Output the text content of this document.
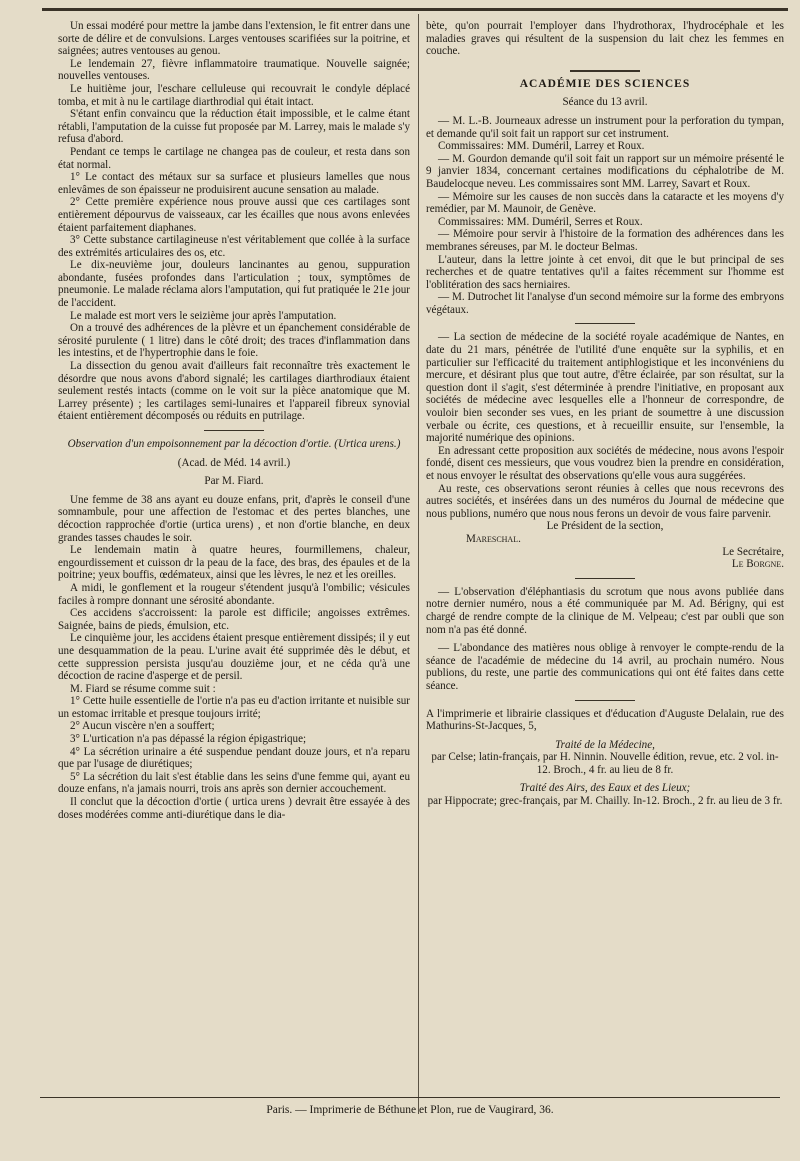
Un essai modéré pour mettre la jambe dans l'extension, le fit entrer dans une sorte de délire et de convulsions. Larges ventouses scarifiées sur la poitrine, et saignées; autres ventouses au genou.

Le lendemain 27, fièvre inflammatoire traumatique. Nouvelle saignée; nouvelles ventouses.

Le huitième jour, l'eschare celluleuse qui recouvrait le condyle déplacé tomba, et mit à nu le cartilage diarthrodial qui était intact.

S'étant enfin convaincu que la réduction était impossible, et le calme étant rétabli, l'amputation de la cuisse fut proposée par M. Larrey, mais le malade s'y refusa d'abord.

Pendant ce temps le cartilage ne changea pas de couleur, et resta dans son état normal.

1° Le contact des métaux sur sa surface et plusieurs lamelles que nous enlevâmes de son épaisseur ne produisirent aucune sensation au malade.

2° Cette première expérience nous prouve aussi que ces cartilages sont entièrement dépourvus de vaisseaux, car les écailles que nous avons enlevées étaient parfaitement diaphanes.

3° Cette substance cartilagineuse n'est véritablement que collée à la surface des extrémités articulaires des os, etc.

Le dix-neuvième jour, douleurs lancinantes au genou, suppuration abondante, fusées profondes dans l'articulation ; toux, symptômes de pneumonie. Le malade réclama alors l'amputation, qui fut pratiquée le 21e jour de l'accident.

Le malade est mort vers le seizième jour après l'amputation.

On a trouvé des adhérences de la plèvre et un épanchement considérable de sérosité purulente ( 1 litre) dans le côté droit; des traces d'inflammation dans les intestins, et de l'hypertrophie dans le foie.

La dissection du genou avait d'ailleurs fait reconnaître très exactement le désordre que nous avons d'abord signalé; les cartilages diarthrodiaux étaient seulement restés intacts (comme on le voit sur la pièce anatomique que M. Larrey présente) ; les cartilages semi-lunaires et l'appareil fibreux synovial étaient entièrement décomposés ou réduits en putrilage.

Observation d'un empoisonnement par la décoction d'ortie. (Urtica urens.)

(Acad. de Méd. 14 avril.)

Par M. Fiard.

Une femme de 38 ans ayant eu douze enfans, prit, d'après le conseil d'une somnambule, pour une affection de l'estomac et des pertes blanches, une décoction rapprochée d'ortie (urtica urens) , et non d'ortie blanche, en deux grandes tasses chaudes le soir.

Le lendemain matin à quatre heures, fourmillemens, chaleur, engourdissement et cuisson dr la peau de la face, des bras, des épaules et de la poitrine; yeux bouffis, œdémateux, ainsi que les lèvres, le nez et les oreilles.

A midi, le gonflement et la rougeur s'étendent jusqu'à l'ombilic; vésicules faciles à rompre donnant une sérosité abondante.

Ces accidens s'accroissent: la parole est difficile; angoisses extrêmes. Saignée, bains de pieds, émulsion, etc.

Le cinquième jour, les accidens étaient presque entièrement dissipés; il y eut une desquammation de la peau. L'urine avait été supprimée dès le début, et cette suppression persista jusqu'au douzième jour, et ne céda qu'à une décoction de racine d'asperge et de persil.

M. Fiard se résume comme suit :

1° Cette huile essentielle de l'ortie n'a pas eu d'action irritante et nuisible sur un estomac irritable et presque toujours irrité;

2° Aucun viscère n'en a souffert;

3° L'urtication n'a pas dépassé la région épigastrique;

4° La sécrétion urinaire a été suspendue pendant douze jours, et n'a reparu que par l'usage de diurétiques;

5° La sécrétion du lait s'est établie dans les seins d'une femme qui, ayant eu douze enfans, n'a jamais nourri, trois ans après son dernier accouchement.

Il conclut que la décoction d'ortie ( urtica urens ) devrait être essayée à des doses modérées comme anti-diurétique dans le dia-

bète, qu'on pourrait l'employer dans l'hydrothorax, l'hydrocéphale et les maladies graves qui résultent de la suspension du lait chez les femmes en couche.

ACADÉMIE DES SCIENCES

Séance du 13 avril.

— M. L.-B. Journeaux adresse un instrument pour la perforation du tympan, et demande qu'il soit fait un rapport sur cet instrument.

Commissaires: MM. Duméril, Larrey et Roux.

— M. Gourdon demande qu'il soit fait un rapport sur un mémoire présenté le 9 janvier 1834, concernant certaines modifications du céphalotribe de M. Baudelocque neveu. Les commissaires sont MM. Larrey, Savart et Roux.

— Mémoire sur les causes de non succès dans la cataracte et les moyens d'y remédier, par M. Maunoir, de Genève.

Commissaires: MM. Duméril, Serres et Roux.

— Mémoire pour servir à l'histoire de la formation des adhérences dans les membranes séreuses, par M. le docteur Belmas.

L'auteur, dans la lettre jointe à cet envoi, dit que le but principal de ses recherches et de quatre tentatives qu'il a faites récemment sur l'homme est l'oblitération des sacs herniaires.

— M. Dutrochet lit l'analyse d'un second mémoire sur la forme des embryons végétaux.

— La section de médecine de la société royale académique de Nantes, en date du 21 mars, pénétrée de l'utilité d'une enquête sur la syphilis, et en particulier sur l'efficacité du traitement antiphlogistique et les inconvéniens du mercure, et désirant plus que tout autre, d'être éclairée, par son résultat, sur la question dont il s'agit, s'est déterminée à prendre l'initiative, en proposant aux sociétés de médecine avec lesquelles elle a l'honneur de correspondre, de vouloir bien seconder ses vues, en les priant de soumettre à une discussion verbale ou écrite, ces questions, et à recueillir ensuite, sur l'ensemble, la majorité numérique des opinions.

En adressant cette proposition aux sociétés de médecine, nous avons l'espoir fondé, disent ces messieurs, que vous voudrez bien la prendre en considération, et nous envoyer le résultat des observations qu'elle vous aura suggérées.

Au reste, ces observations seront réunies à celles que nous recevrons des autres sociétés, et insérées dans un des numéros du Journal de médecine que nous publions, numéro que nous nous ferons un devoir de vous faire parvenir.

Le Président de la section,

Mareschal.

Le Secrétaire,

Le Borgne.

— L'observation d'éléphantiasis du scrotum que nous avons publiée dans notre dernier numéro, nous a été communiquée par M. Ad. Bérigny, qui est chargé de rendre compte de la clinique de M. Velpeau; c'est par oubli que son nom n'a pas été donné.

— L'abondance des matières nous oblige à renvoyer le compte-rendu de la séance de l'académie de médecine du 14 avril, au prochain numéro. Nous publions, du reste, une partie des communications qui ont été faites dans cette séance.

A l'imprimerie et librairie classiques et d'éducation d'Auguste Delalain, rue des Mathurins-St-Jacques, 5,

Traité de la Médecine,

par Celse; latin-français, par H. Ninnin. Nouvelle édition, revue, etc. 2 vol. in-12. Broch., 4 fr. au lieu de 8 fr.

Traité des Airs, des Eaux et des Lieux;

par Hippocrate; grec-français, par M. Chailly. In-12. Broch., 2 fr. au lieu de 3 fr.

Paris. — Imprimerie de Béthune et Plon, rue de Vaugirard, 36.
